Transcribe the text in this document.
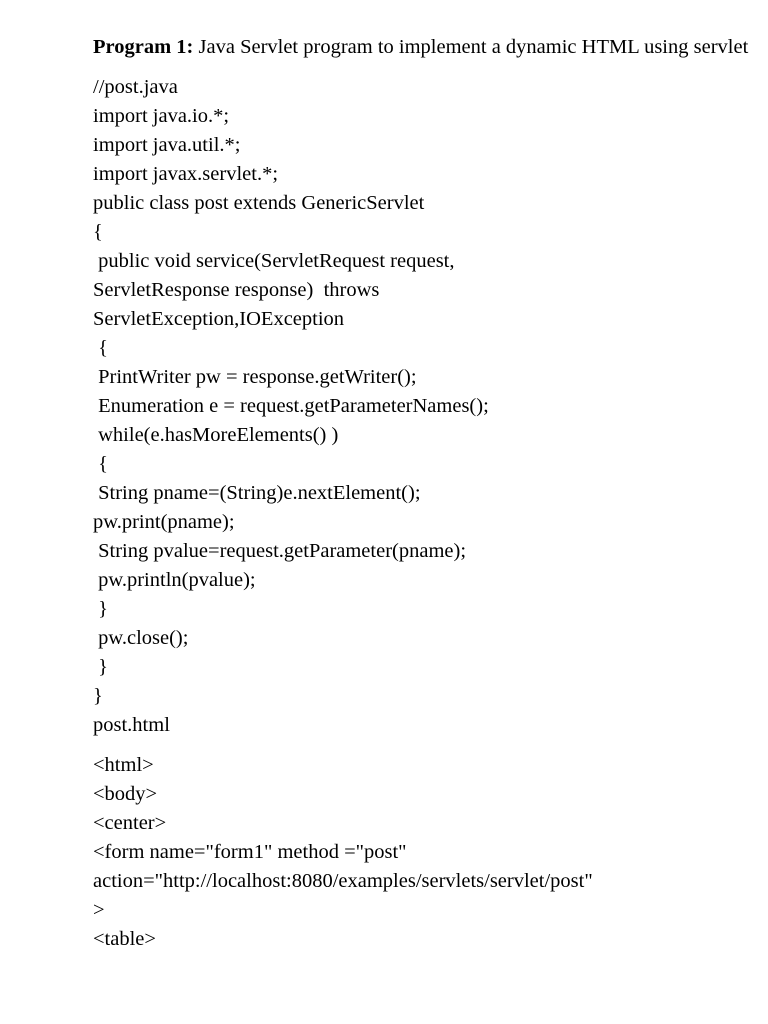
Program 1: Java Servlet program to implement a dynamic HTML using servlet

//post.java
import java.io.*;
import java.util.*;
import javax.servlet.*;
public class post extends GenericServlet
{
public void service(ServletRequest request,
ServletResponse response)  throws
ServletException,IOException
{
PrintWriter pw = response.getWriter();
Enumeration e = request.getParameterNames();
while(e.hasMoreElements() )
{
String pname=(String)e.nextElement();
pw.print(pname);
String pvalue=request.getParameter(pname);
pw.println(pvalue);
}
pw.close();
}
}
post.html
<html>
<body>
<center>
<form name="form1" method ="post"
action="http://localhost:8080/examples/servlets/servlet/post"
>
<table>
